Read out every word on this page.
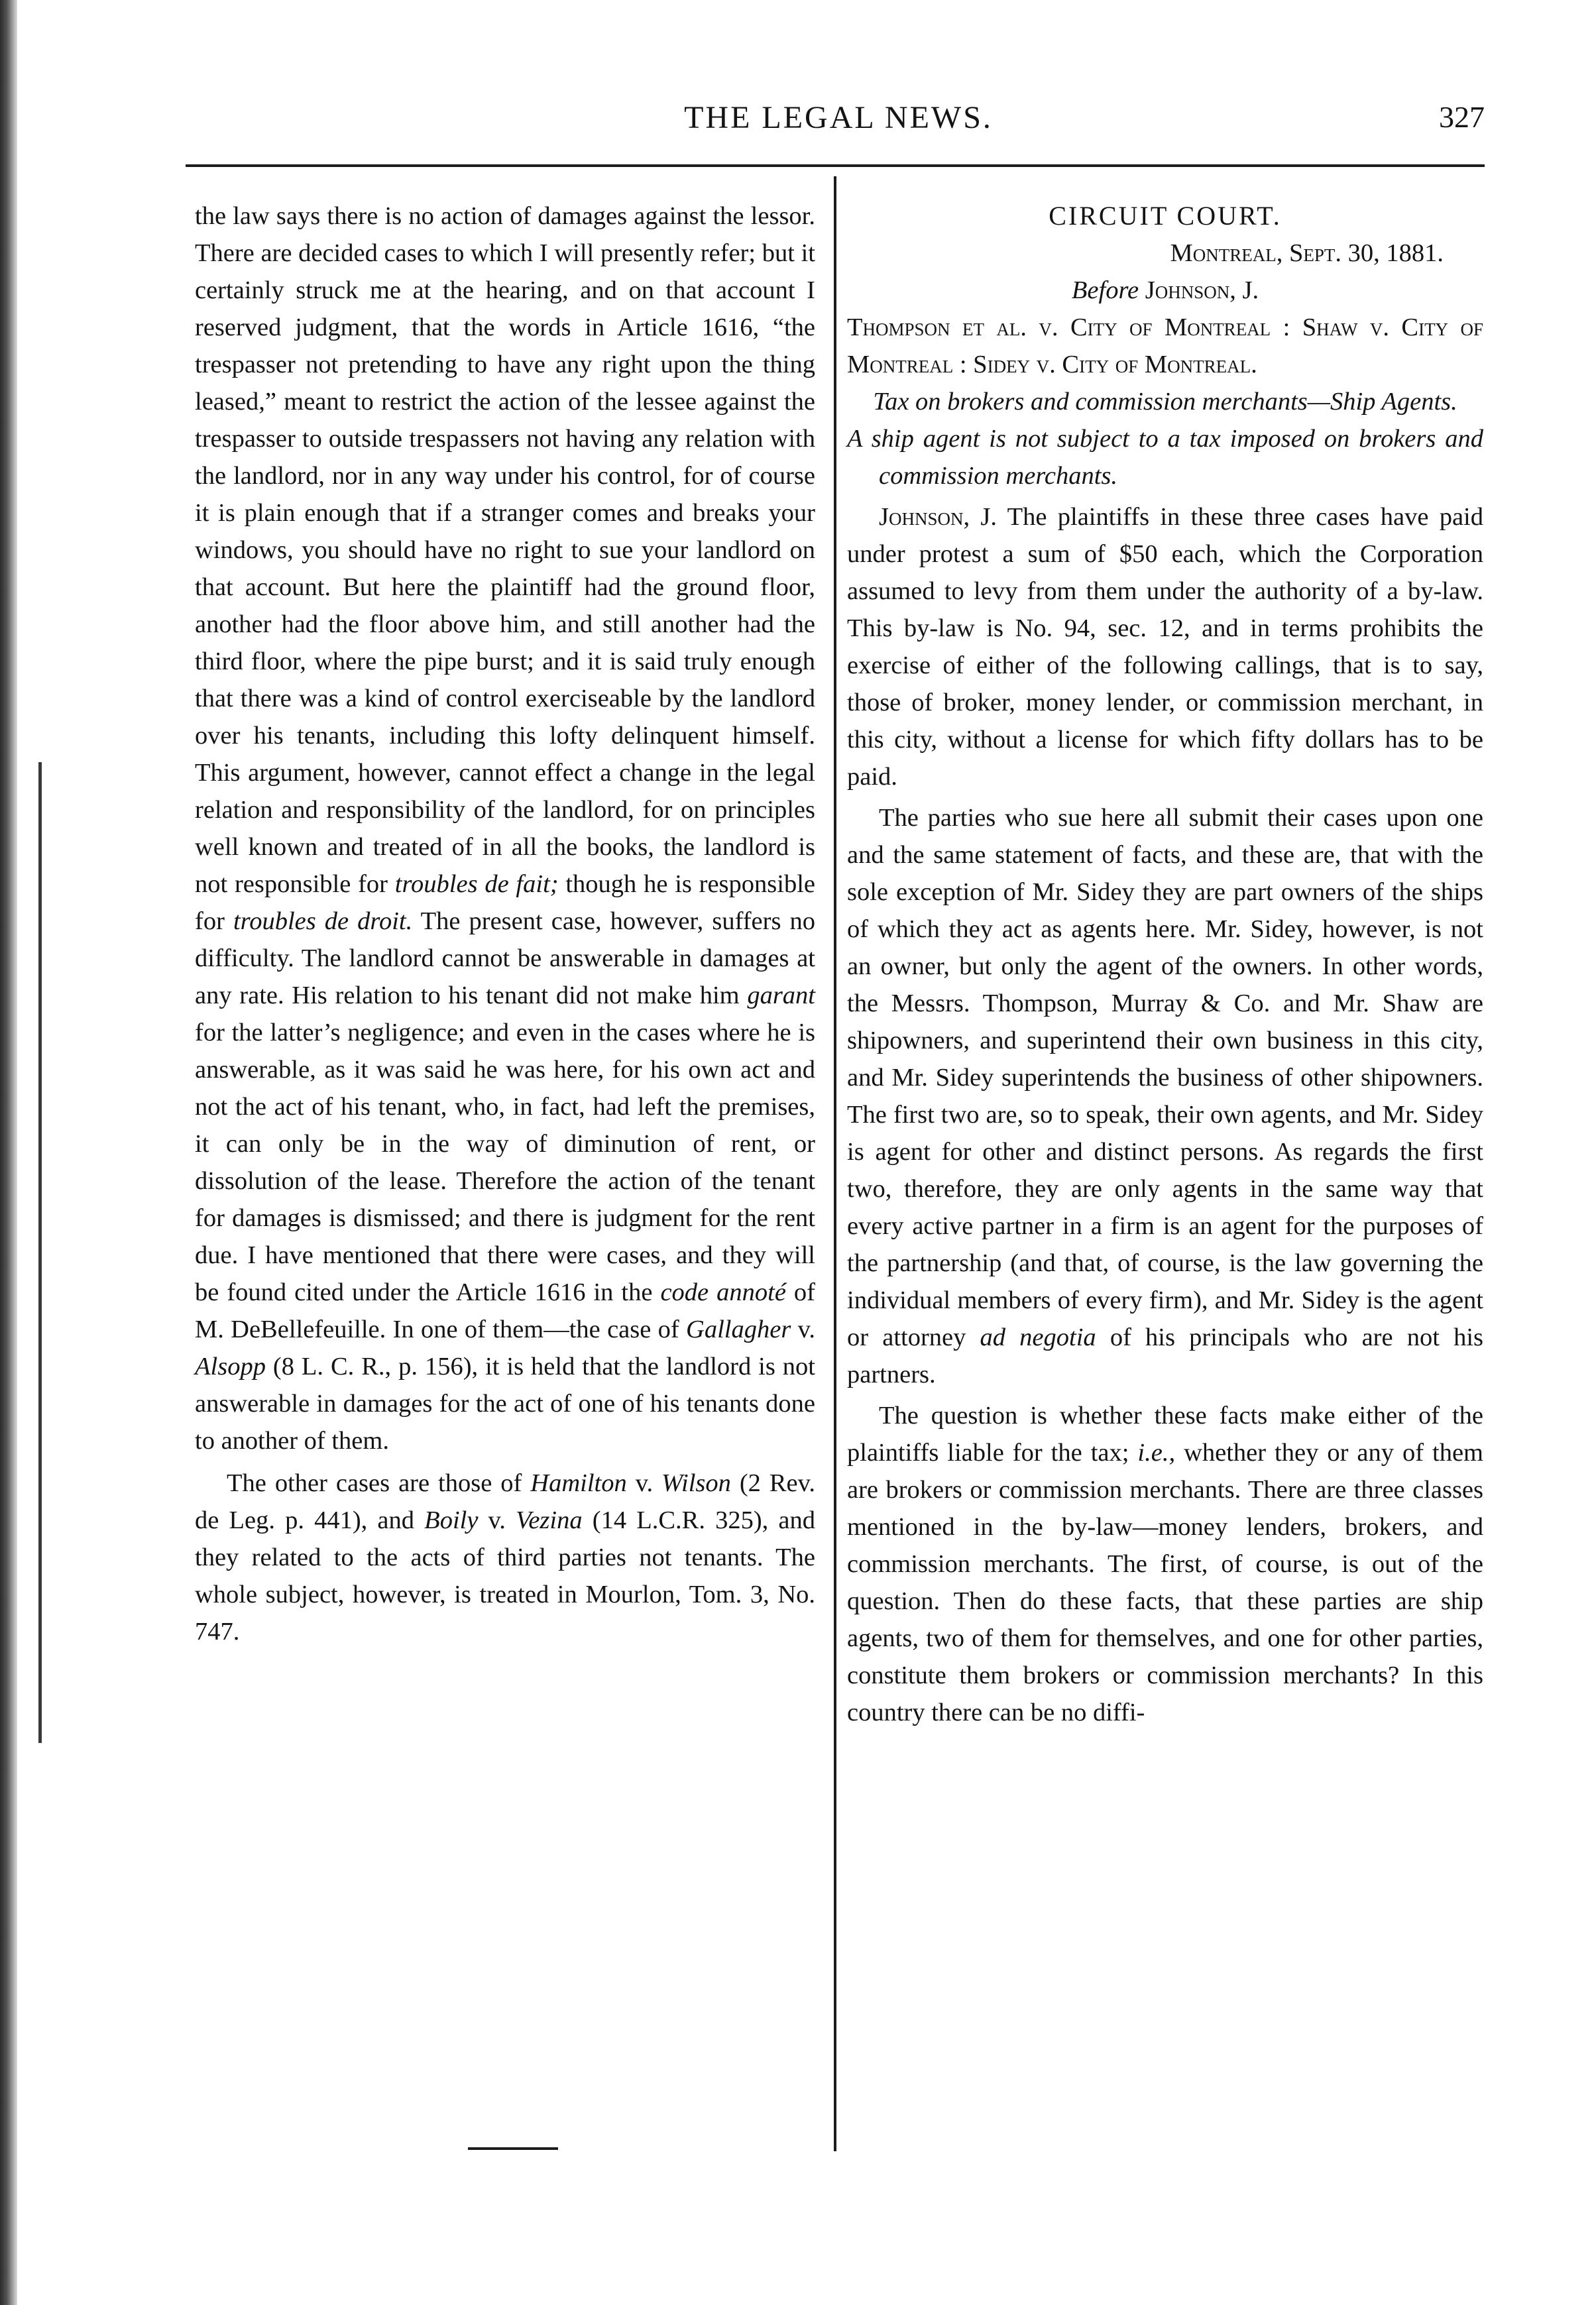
THE LEGAL NEWS.	327

the law says there is no action of damages against the lessor. There are decided cases to which I will presently refer; but it certainly struck me at the hearing, and on that account I reserved judgment, that the words in Article 1616, “the trespasser not pretending to have any right upon the thing leased,” meant to restrict the action of the lessee against the trespasser to outside trespassers not having any relation with the landlord, nor in any way under his control, for of course it is plain enough that if a stranger comes and breaks your windows, you should have no right to sue your landlord on that account. But here the plaintiff had the ground floor, another had the floor above him, and still another had the third floor, where the pipe burst; and it is said truly enough that there was a kind of control exerciseable by the landlord over his tenants, including this lofty delinquent himself. This argument, however, cannot effect a change in the legal relation and responsibility of the landlord, for on principles well known and treated of in all the books, the landlord is not responsible for troubles de fait; though he is responsible for troubles de droit. The present case, however, suffers no difficulty. The landlord cannot be answerable in damages at any rate. His relation to his tenant did not make him garant for the latter’s negligence; and even in the cases where he is answerable, as it was said he was here, for his own act and not the act of his tenant, who, in fact, had left the premises, it can only be in the way of diminution of rent, or dissolution of the lease. Therefore the action of the tenant for damages is dismissed; and there is judgment for the rent due. I have mentioned that there were cases, and they will be found cited under the Article 1616 in the code annoté of M. DeBellefeuille. In one of them—the case of Gallagher v. Alsopp (8 L. C. R., p. 156), it is held that the landlord is not answerable in damages for the act of one of his tenants done to another of them.

The other cases are those of Hamilton v. Wilson (2 Rev. de Leg. p. 441), and Boily v. Vezina (14 L.C.R. 325), and they related to the acts of third parties not tenants. The whole subject, however, is treated in Mourlon, Tom. 3, No. 747.

CIRCUIT COURT.

Montreal, Sept. 30, 1881.

Before Johnson, J.

Thompson et al. v. City of Montreal : Shaw v. City of Montreal : Sidey v. City of Montreal.

Tax on brokers and commission merchants—Ship Agents.

A ship agent is not subject to a tax imposed on brokers and commission merchants.

Johnson, J. The plaintiffs in these three cases have paid under protest a sum of $50 each, which the Corporation assumed to levy from them under the authority of a by-law. This by-law is No. 94, sec. 12, and in terms prohibits the exercise of either of the following callings, that is to say, those of broker, money lender, or commission merchant, in this city, without a license for which fifty dollars has to be paid.

The parties who sue here all submit their cases upon one and the same statement of facts, and these are, that with the sole exception of Mr. Sidey they are part owners of the ships of which they act as agents here. Mr. Sidey, however, is not an owner, but only the agent of the owners. In other words, the Messrs. Thompson, Murray & Co. and Mr. Shaw are shipowners, and superintend their own business in this city, and Mr. Sidey superintends the business of other shipowners. The first two are, so to speak, their own agents, and Mr. Sidey is agent for other and distinct persons. As regards the first two, therefore, they are only agents in the same way that every active partner in a firm is an agent for the purposes of the partnership (and that, of course, is the law governing the individual members of every firm), and Mr. Sidey is the agent or attorney ad negotia of his principals who are not his partners.

The question is whether these facts make either of the plaintiffs liable for the tax; i.e., whether they or any of them are brokers or commission merchants. There are three classes mentioned in the by-law—money lenders, brokers, and commission merchants. The first, of course, is out of the question. Then do these facts, that these parties are ship agents, two of them for themselves, and one for other parties, constitute them brokers or commission merchants? In this country there can be no diffi-
